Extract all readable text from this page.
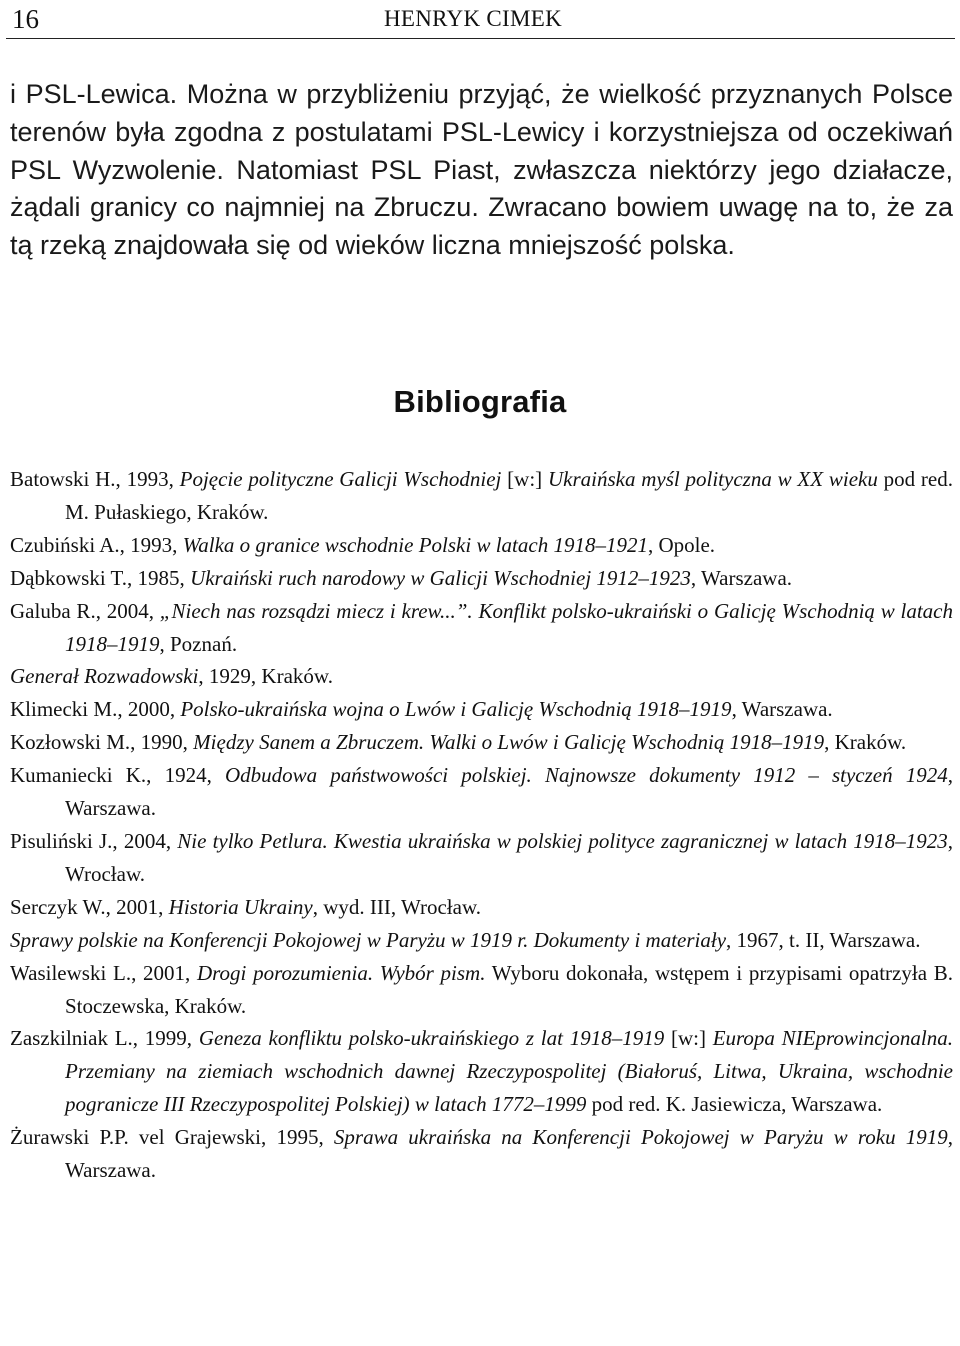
16	HENRYK CIMEK

i PSL-Lewica. Można w przybliżeniu przyjąć, że wielkość przyznanych Polsce terenów była zgodna z postulatami PSL-Lewicy i korzystniejsza od oczekiwań PSL Wyzwolenie. Natomiast PSL Piast, zwłaszcza niektórzy jego działacze, żądali granicy co najmniej na Zbruczu. Zwracano bowiem uwagę na to, że za tą rzeką znajdowała się od wieków liczna mniejszość polska.

Bibliografia
Batowski H., 1993, Pojęcie polityczne Galicji Wschodniej [w:] Ukraińska myśl polityczna w XX wieku pod red. M. Pułaskiego, Kraków.
Czubiński A., 1993, Walka o granice wschodnie Polski w latach 1918–1921, Opole.
Dąbkowski T., 1985, Ukraiński ruch narodowy w Galicji Wschodniej 1912–1923, Warszawa.
Galuba R., 2004, „Niech nas rozsądzi miecz i krew...”. Konflikt polsko-ukraiński o Galicję Wschodnią w latach 1918–1919, Poznań.
Generał Rozwadowski, 1929, Kraków.
Klimecki M., 2000, Polsko-ukraińska wojna o Lwów i Galicję Wschodnią 1918–1919, Warszawa.
Kozłowski M., 1990, Między Sanem a Zbruczem. Walki o Lwów i Galicję Wschodnią 1918–1919, Kraków.
Kumaniecki K., 1924, Odbudowa państwowości polskiej. Najnowsze dokumenty 1912 – styczeń 1924, Warszawa.
Pisuliński J., 2004, Nie tylko Petlura. Kwestia ukraińska w polskiej polityce zagranicznej w latach 1918–1923, Wrocław.
Serczyk W., 2001, Historia Ukrainy, wyd. III, Wrocław.
Sprawy polskie na Konferencji Pokojowej w Paryżu w 1919 r. Dokumenty i materiały, 1967, t. II, Warszawa.
Wasilewski L., 2001, Drogi porozumienia. Wybór pism. Wyboru dokonała, wstępem i przypisami opatrzyła B. Stoczewska, Kraków.
Zaszkilniak L., 1999, Geneza konfliktu polsko-ukraińskiego z lat 1918–1919 [w:] Europa NIEprowincjonalna. Przemiany na ziemiach wschodnich dawnej Rzeczypospolitej (Białoruś, Litwa, Ukraina, wschodnie pogranicze III Rzeczypospolitej Polskiej) w latach 1772–1999 pod red. K. Jasiewicza, Warszawa.
Żurawski P.P. vel Grajewski, 1995, Sprawa ukraińska na Konferencji Pokojowej w Paryżu w roku 1919, Warszawa.
